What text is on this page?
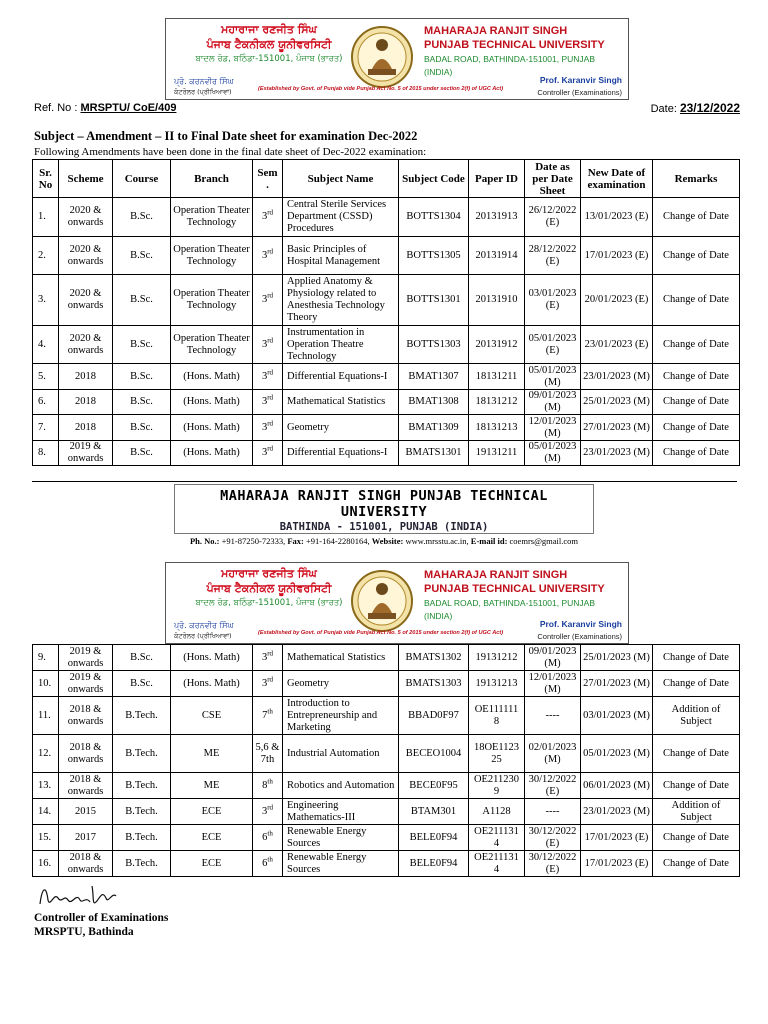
ਮਹਾਰਾਜਾ ਰਣਜੀਤ ਸਿੰਘ
ਪੰਜਾਬ ਟੈਕਨੀਕਲ ਯੂਨੀਵਰਸਿਟੀ
ਬਾਦਲ ਰੋਡ, ਬਠਿੰਡਾ-151001, ਪੰਜਾਬ (ਭਾਰਤ)
ਪ੍ਰੋ. ਕਰਨਵੀਰ ਸਿੰਘ
ਕੰਟਰੋਲਰ (ਪ੍ਰੀਖਿਆਵਾਂ)
MAHARAJA RANJIT SINGH
PUNJAB TECHNICAL UNIVERSITY
BADAL ROAD, BATHINDA-151001, PUNJAB (INDIA)
(Established by Govt. of Punjab vide Punjab Act No. 5 of 2015 under section 2(f) of UGC Act)
Prof. Karanvir Singh
Controller (Examinations)
Ref. No : MRSPTU/ CoE/409	Date: 23/12/2022
Subject – Amendment – II to Final Date sheet for examination Dec-2022
Following Amendments have been done in the final date sheet of Dec-2022 examination:
Sr. No	Scheme	Course	Branch	Sem .	Subject Name	Subject Code	Paper ID	Date as per Date Sheet	New Date of examination	Remarks
1.	2020 & onwards	B.Sc.	Operation Theater Technology	3rd	Central Sterile Services Department (CSSD) Procedures	BOTTS1304	20131913	26/12/2022 (E)	13/01/2023 (E)	Change of Date
2.	2020 & onwards	B.Sc.	Operation Theater Technology	3rd	Basic Principles of Hospital Management	BOTTS1305	20131914	28/12/2022 (E)	17/01/2023 (E)	Change of Date
3.	2020 & onwards	B.Sc.	Operation Theater Technology	3rd	Applied Anatomy & Physiology related to Anesthesia Technology Theory	BOTTS1301	20131910	03/01/2023 (E)	20/01/2023 (E)	Change of Date
4.	2020 & onwards	B.Sc.	Operation Theater Technology	3rd	Instrumentation in Operation Theatre Technology	BOTTS1303	20131912	05/01/2023 (E)	23/01/2023 (E)	Change of Date
5.	2018	B.Sc.	(Hons. Math)	3rd	Differential Equations-I	BMAT1307	18131211	05/01/2023 (M)	23/01/2023 (M)	Change of Date
6.	2018	B.Sc.	(Hons. Math)	3rd	Mathematical Statistics	BMAT1308	18131212	09/01/2023 (M)	25/01/2023 (M)	Change of Date
7.	2018	B.Sc.	(Hons. Math)	3rd	Geometry	BMAT1309	18131213	12/01/2023 (M)	27/01/2023 (M)	Change of Date
8.	2019 & onwards	B.Sc.	(Hons. Math)	3rd	Differential Equations-I	BMATS1301	19131211	05/01/2023 (M)	23/01/2023 (M)	Change of Date
MAHARAJA RANJIT SINGH PUNJAB TECHNICAL UNIVERSITY
BATHINDA - 151001, PUNJAB (INDIA)
Ph. No.: +91-87250-72333, Fax: +91-164-2280164, Website: www.mrsstu.ac.in, E-mail id: coemrs@gmail.com
ਮਹਾਰਾਜਾ ਰਣਜੀਤ ਸਿੰਘ
ਪੰਜਾਬ ਟੈਕਨੀਕਲ ਯੂਨੀਵਰਸਿਟੀ
ਬਾਦਲ ਰੋਡ, ਬਠਿੰਡਾ-151001, ਪੰਜਾਬ (ਭਾਰਤ)
ਪ੍ਰੋ. ਕਰਨਵੀਰ ਸਿੰਘ
ਕੰਟਰੋਲਰ (ਪ੍ਰੀਖਿਆਵਾਂ)
MAHARAJA RANJIT SINGH
PUNJAB TECHNICAL UNIVERSITY
BADAL ROAD, BATHINDA-151001, PUNJAB (INDIA)
(Established by Govt. of Punjab vide Punjab Act No. 5 of 2015 under section 2(f) of UGC Act)
Prof. Karanvir Singh
Controller (Examinations)
9.	2019 & onwards	B.Sc.	(Hons. Math)	3rd	Mathematical Statistics	BMATS1302	19131212	09/01/2023 (M)	25/01/2023 (M)	Change of Date
10.	2019 & onwards	B.Sc.	(Hons. Math)	3rd	Geometry	BMATS1303	19131213	12/01/2023 (M)	27/01/2023 (M)	Change of Date
11.	2018 & onwards	B.Tech.	CSE	7th	Introduction to Entrepreneurship and Marketing	BBAD0F97	OE111111 8	----	03/01/2023 (M)	Addition of Subject
12.	2018 & onwards	B.Tech.	ME	5,6 & 7th	Industrial Automation	BECEO1004	18OE1123 25	02/01/2023 (M)	05/01/2023 (M)	Change of Date
13.	2018 & onwards	B.Tech.	ME	8th	Robotics and Automation	BECE0F95	OE211230 9	30/12/2022 (E)	06/01/2023 (M)	Change of Date
14.	2015	B.Tech.	ECE	3rd	Engineering Mathematics-III	BTAM301	A1128	----	23/01/2023 (M)	Addition of Subject
15.	2017	B.Tech.	ECE	6th	Renewable Energy Sources	BELE0F94	OE211131 4	30/12/2022 (E)	17/01/2023 (E)	Change of Date
16.	2018 & onwards	B.Tech.	ECE	6th	Renewable Energy Sources	BELE0F94	OE211131 4	30/12/2022 (E)	17/01/2023 (E)	Change of Date
Controller of Examinations
MRSPTU, Bathinda
